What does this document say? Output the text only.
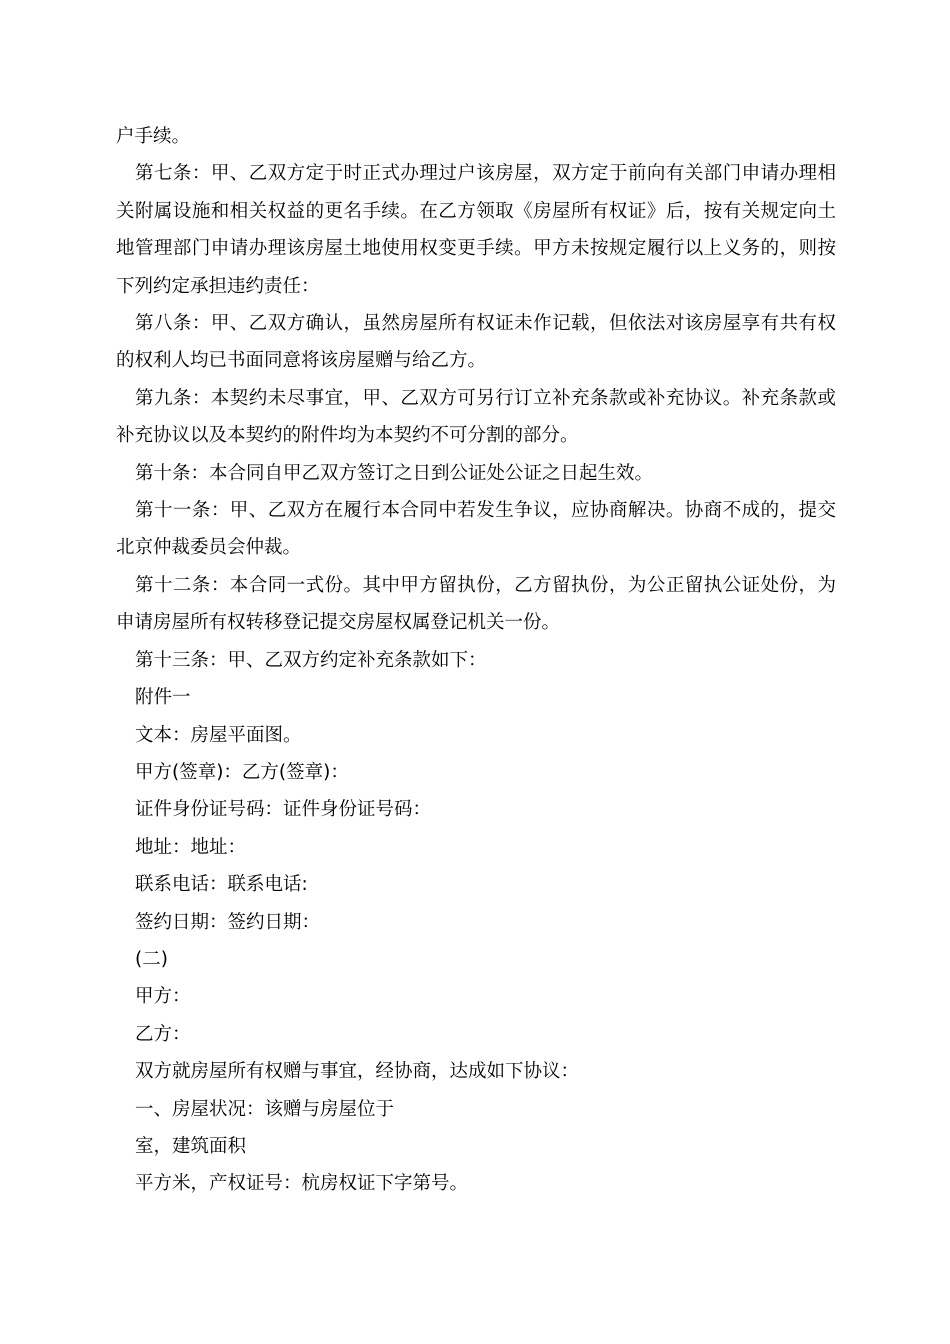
户手续。

第七条：甲、乙双方定于时正式办理过户该房屋，双方定于前向有关部门申请办理相关附属设施和相关权益的更名手续。在乙方领取《房屋所有权证》后，按有关规定向土地管理部门申请办理该房屋土地使用权变更手续。甲方未按规定履行以上义务的，则按下列约定承担违约责任：

第八条：甲、乙双方确认，虽然房屋所有权证未作记载，但依法对该房屋享有共有权的权利人均已书面同意将该房屋赠与给乙方。

第九条：本契约未尽事宜，甲、乙双方可另行订立补充条款或补充协议。补充条款或补充协议以及本契约的附件均为本契约不可分割的部分。

第十条：本合同自甲乙双方签订之日到公证处公证之日起生效。

第十一条：甲、乙双方在履行本合同中若发生争议，应协商解决。协商不成的，提交北京仲裁委员会仲裁。

第十二条：本合同一式份。其中甲方留执份，乙方留执份，为公正留执公证处份，为申请房屋所有权转移登记提交房屋权属登记机关一份。

第十三条：甲、乙双方约定补充条款如下：
附件一
文本：房屋平面图。
甲方(签章)：乙方(签章)：
证件身份证号码：证件身份证号码：
地址：地址：
联系电话：联系电话:
签约日期：签约日期：
(二)
甲方：
乙方：
双方就房屋所有权赠与事宜，经协商，达成如下协议：
一、房屋状况：该赠与房屋位于
室，建筑面积
平方米，产权证号：杭房权证下字第号。
